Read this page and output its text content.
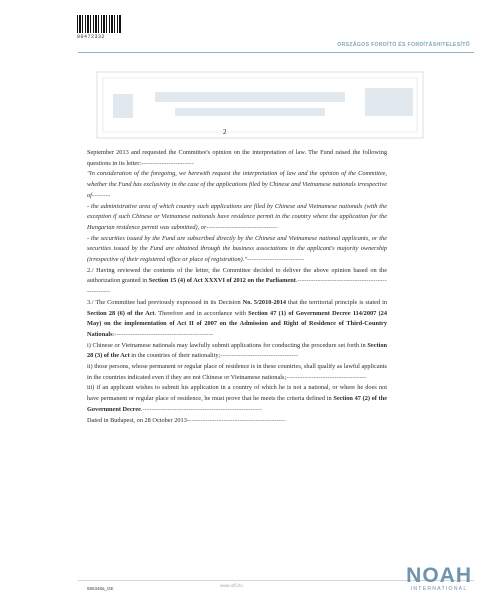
00472332
ORSZÁGOS FORDÍTÓ ÉS FORDÍTÁSHITELESÍTŐ
2

September 2013 and requested the Committee's opinion on the interpretation of law. The Fund raised the following questions in its letter:-----------------------

"In consideration of the foregoing, we herewith request the interpretation of law and the opinion of the Committee, whether the Fund has exclusivity in the case of the applications filed by Chinese and Vietnamese nationals irrespective of--------

- the administrative area of which country such applications are filed by Chinese and Vietnamese nationals (with the exception if such Chinese or Vietnamese nationals have residence permit in the country where the application for the Hungarian residence permit was submitted), or-------------------------------

- the securities issued by the Fund are subscribed directly by the Chinese and Vietnamese national applicants, or the securities issued by the Fund are obtained through the business associations in the applicant's majority ownership (irrespective of their registered office or place of registration)."-------------------------

2./ Having reviewed the contents of the letter, the Committee decided to deliver the above opinion based on the authorization granted in Section 15 (4) of Act XXXVI of 2012 on the Parliament.-------------------------------------------------

3./ The Committee had previously expressed in its Decision No. 5/2010-2014 that the territorial principle is stated in Section 28 (6) of the Act. Therefore and in accordance with Section 47 (1) of Government Decree 114/2007 (24 May) on the implementation of Act II of 2007 on the Admission and Right of Residence of Third-Country Nationals:-------------------------------------------

i) Chinese or Vietnamese nationals may lawfully submit applications for conducting the procedure set forth in Section 28 (3) of the Act in the countries of their nationality;----------------------------------

ii) those persons, whose permanent or regular place of residence is in these countries, shall qualify as lawful applicants in the countries indicated even if they are not Chinese or Vietnamese nationals;-----------------------------------

iii) if an applicant wishes to submit his application in a country of which he is not a national, or where he does not have permanent or regular place of residence, he must prove that he meets the criteria defined in Section 47 (2) of the Government Decree.----------------------------------------------------

Dated in Budapest, on 28 October 2013-------------------------------------------

www.offi.hu
556348a_GE
NOAH
INTERNATIONAL
